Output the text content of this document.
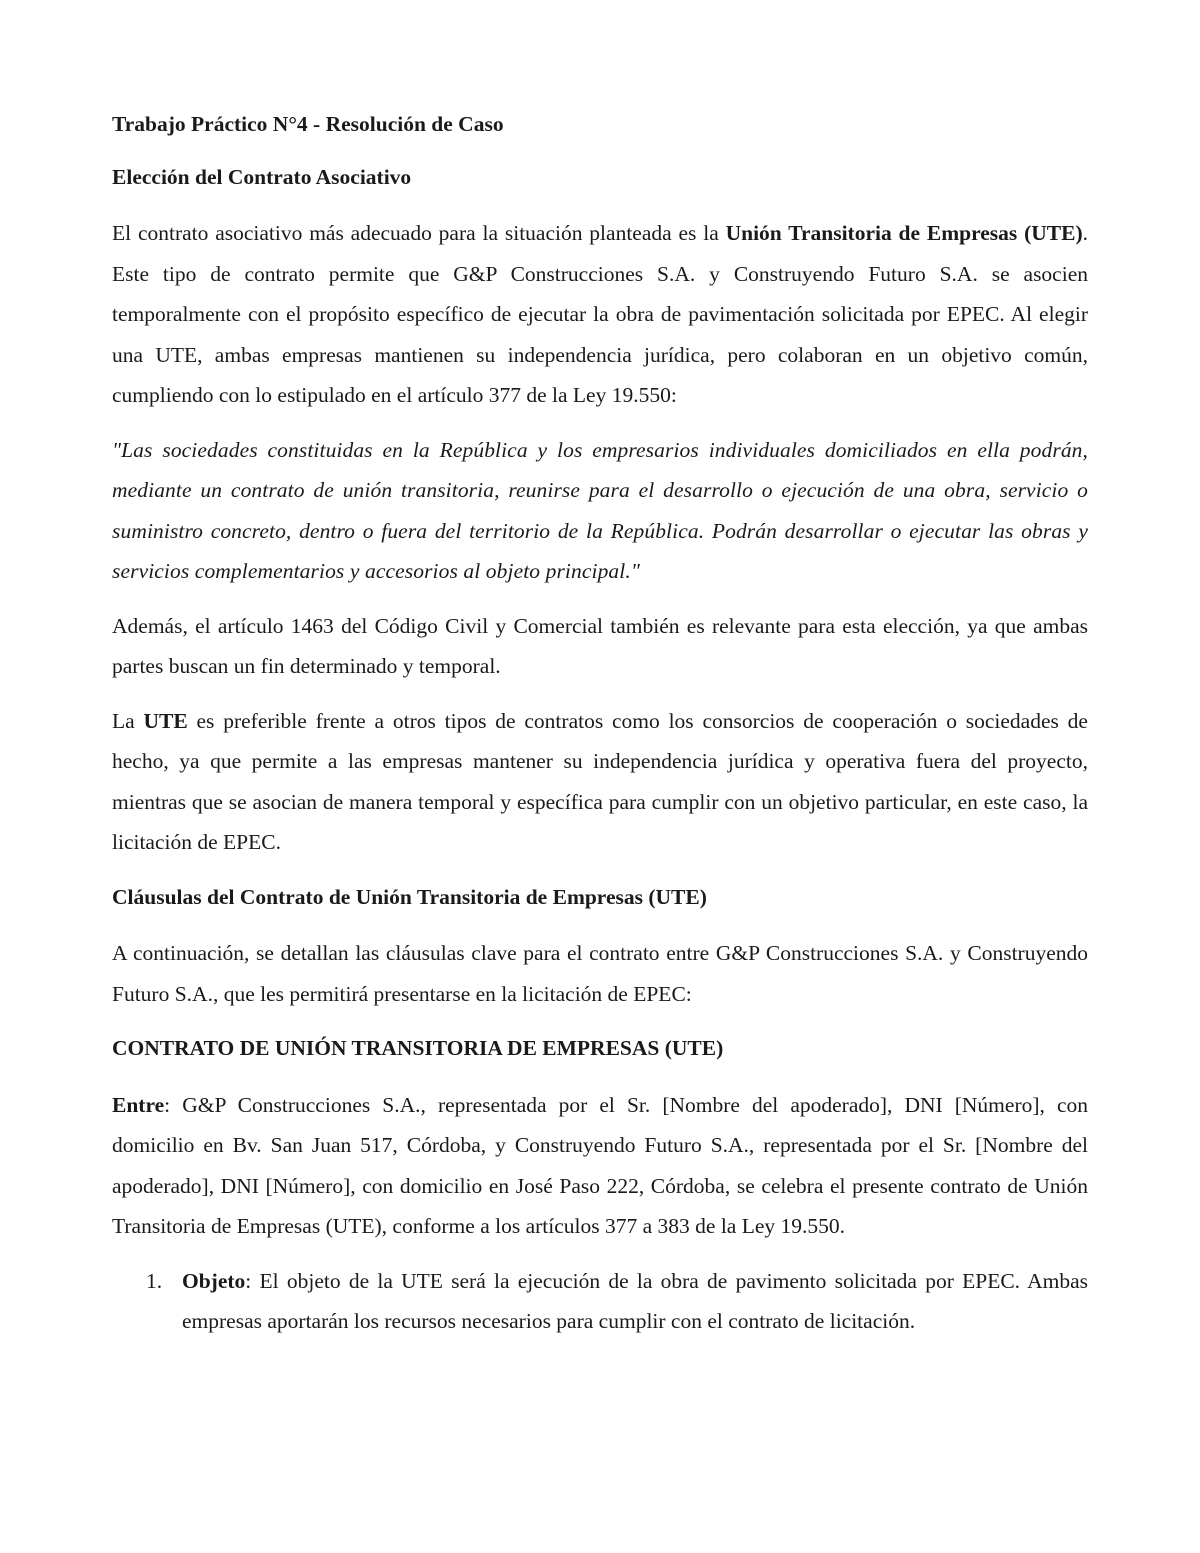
Trabajo Práctico N°4 - Resolución de Caso

Elección del Contrato Asociativo

El contrato asociativo más adecuado para la situación planteada es la Unión Transitoria de Empresas (UTE). Este tipo de contrato permite que G&P Construcciones S.A. y Construyendo Futuro S.A. se asocien temporalmente con el propósito específico de ejecutar la obra de pavimentación solicitada por EPEC. Al elegir una UTE, ambas empresas mantienen su independencia jurídica, pero colaboran en un objetivo común, cumpliendo con lo estipulado en el artículo 377 de la Ley 19.550:

"Las sociedades constituidas en la República y los empresarios individuales domiciliados en ella podrán, mediante un contrato de unión transitoria, reunirse para el desarrollo o ejecución de una obra, servicio o suministro concreto, dentro o fuera del territorio de la República. Podrán desarrollar o ejecutar las obras y servicios complementarios y accesorios al objeto principal."

Además, el artículo 1463 del Código Civil y Comercial también es relevante para esta elección, ya que ambas partes buscan un fin determinado y temporal.

La UTE es preferible frente a otros tipos de contratos como los consorcios de cooperación o sociedades de hecho, ya que permite a las empresas mantener su independencia jurídica y operativa fuera del proyecto, mientras que se asocian de manera temporal y específica para cumplir con un objetivo particular, en este caso, la licitación de EPEC.

Cláusulas del Contrato de Unión Transitoria de Empresas (UTE)

A continuación, se detallan las cláusulas clave para el contrato entre G&P Construcciones S.A. y Construyendo Futuro S.A., que les permitirá presentarse en la licitación de EPEC:

CONTRATO DE UNIÓN TRANSITORIA DE EMPRESAS (UTE)

Entre: G&P Construcciones S.A., representada por el Sr. [Nombre del apoderado], DNI [Número], con domicilio en Bv. San Juan 517, Córdoba, y Construyendo Futuro S.A., representada por el Sr. [Nombre del apoderado], DNI [Número], con domicilio en José Paso 222, Córdoba, se celebra el presente contrato de Unión Transitoria de Empresas (UTE), conforme a los artículos 377 a 383 de la Ley 19.550.

1. Objeto: El objeto de la UTE será la ejecución de la obra de pavimento solicitada por EPEC. Ambas empresas aportarán los recursos necesarios para cumplir con el contrato de licitación.
